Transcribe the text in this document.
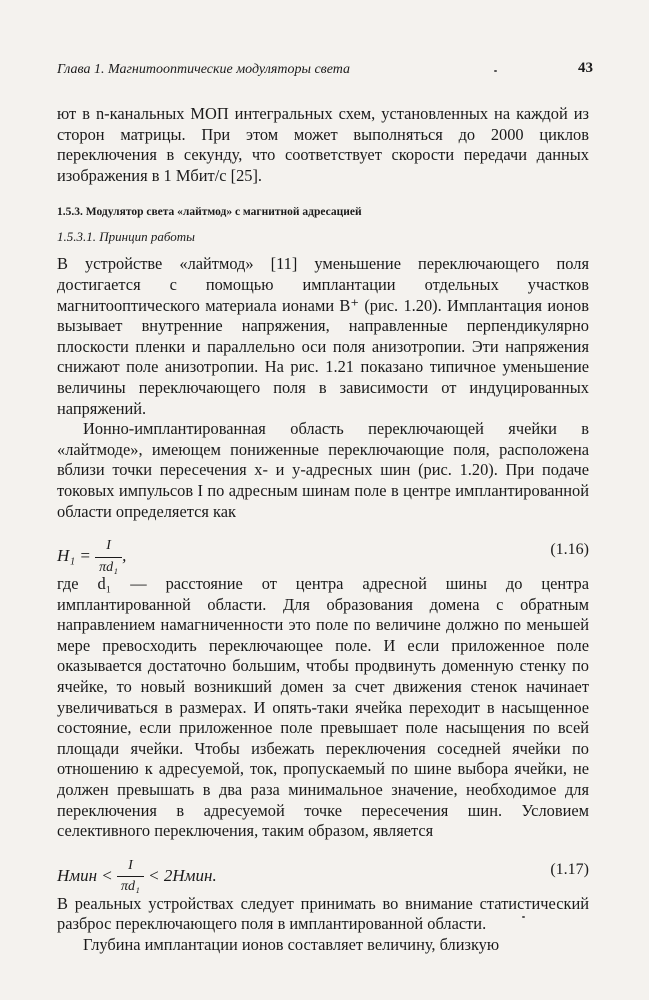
Глава 1. Магнитооптические модуляторы света	43

ют в n-канальных МОП интегральных схем, установленных на каждой из сторон матрицы. При этом может выполняться до 2000 циклов переключения в секунду, что соответствует скорости передачи данных изображения в 1 Мбит/с [25].

1.5.3. Модулятор света «лайтмод» с магнитной адресацией

1.5.3.1. Принцип работы

В устройстве «лайтмод» [11] уменьшение переключающего поля достигается с помощью имплантации отдельных участков магнитооптического материала ионами B⁺ (рис. 1.20). Имплантация ионов вызывает внутренние напряжения, направленные перпендикулярно плоскости пленки и параллельно оси поля анизотропии. Эти напряжения снижают поле анизотропии. На рис. 1.21 показано типичное уменьшение величины переключающего поля в зависимости от индуцированных напряжений.

Ионно-имплантированная область переключающей ячейки в «лайтмоде», имеющем пониженные переключающие поля, расположена вблизи точки пересечения x- и y-адресных шин (рис. 1.20). При подаче токовых импульсов I по адресным шинам поле в центре имплантированной области определяется как

$H_1 = \frac{I}{\text{πd₁}}$ ,	(1.16)

где d₁ — расстояние от центра адресной шины до центра имплантированной области. Для образования домена с обратным направлением намагниченности это поле по величине должно по меньшей мере превосходить переключающее поле. И если приложенное поле оказывается достаточно большим, чтобы продвинуть доменную стенку по ячейке, то новый возникший домен за счет движения стенок начинает увеличиваться в размерах. И опять-таки ячейка переходит в насыщенное состояние, если приложенное поле превышает поле насыщения по всей площади ячейки. Чтобы избежать переключения соседней ячейки по отношению к адресуемой, ток, пропускаемый по шине выбора ячейки, не должен превышать в два раза минимальное значение, необходимое для переключения в адресуемой точке пересечения шин. Условием селективного переключения, таким образом, является

Hмин < $\frac{I}{\text{πd₁}}$ < 2Hмин.	(1.17)

В реальных устройствах следует принимать во внимание статистический разброс переключающего поля в имплантированной области.

Глубина имплантации ионов составляет величину, близкую
